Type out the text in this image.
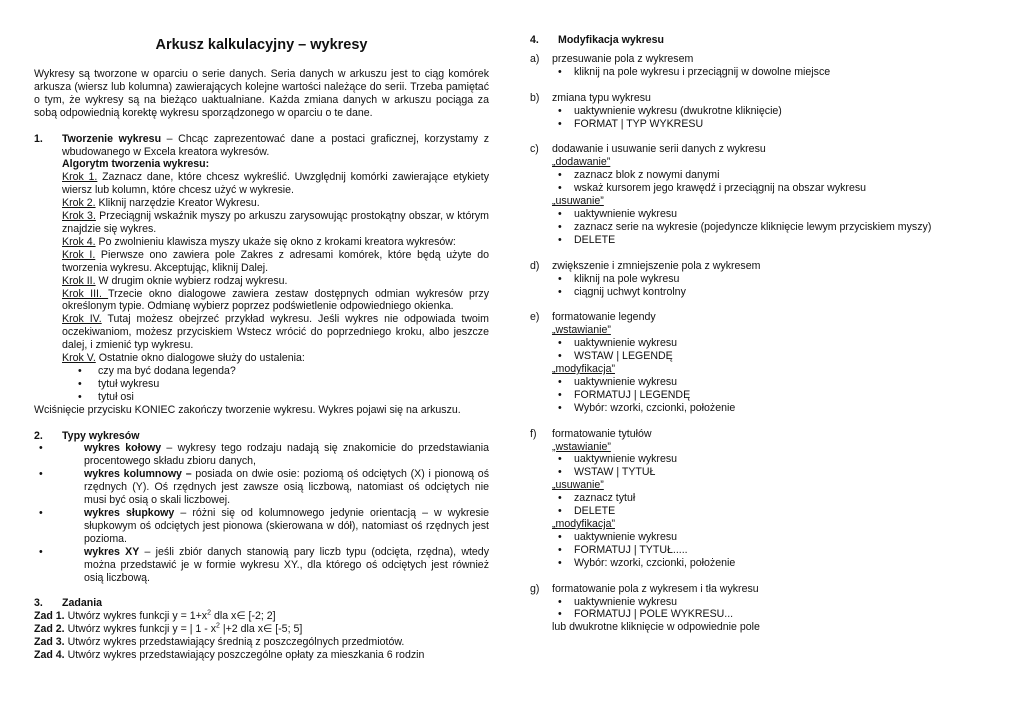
Arkusz kalkulacyjny – wykresy

Wykresy są tworzone w oparciu o serie danych. Seria danych w arkuszu jest to ciąg komórek arkusza (wiersz lub kolumna) zawierających kolejne wartości należące do serii. Trzeba pamiętać o tym, że wykresy są na bieżąco uaktualniane. Każda zmiana danych w arkuszu pociąga za sobą odpowiednią korektę wykresu sporządzonego w oparciu o te dane.

1.	Tworzenie wykresu – Chcąc zaprezentować dane a postaci graficznej, korzystamy z wbudowanego w Excela kreatora wykresów.

Algorytm tworzenia wykresu:

Krok 1. Zaznacz dane, które chcesz wykreślić. Uwzględnij komórki zawierające etykiety wiersz lub kolumn, które chcesz użyć w wykresie.

Krok 2. Kliknij narzędzie Kreator Wykresu.

Krok 3. Przeciągnij wskaźnik myszy po arkuszu zarysowując prostokątny obszar, w którym znajdzie się wykres.

Krok 4. Po zwolnieniu klawisza myszy ukaże się okno z krokami kreatora wykresów:

Krok I. Pierwsze ono zawiera pole Zakres z adresami komórek, które będą użyte do tworzenia wykresu. Akceptując, kliknij Dalej.

Krok II. W drugim oknie wybierz rodzaj wykresu.

Krok III. Trzecie okno dialogowe zawiera zestaw dostępnych odmian wykresów przy określonym typie. Odmianę wybierz poprzez podświetlenie odpowiedniego okienka.

Krok IV. Tutaj możesz obejrzeć przykład wykresu. Jeśli wykres nie odpowiada twoim oczekiwaniom, możesz przyciskiem Wstecz wrócić do poprzedniego kroku, albo jeszcze dalej, i zmienić typ wykresu.

Krok V. Ostatnie okno dialogowe służy do ustalenia:

• czy ma być dodana legenda?
• tytuł wykresu
• tytuł osi

Wciśnięcie przycisku KONIEC zakończy tworzenie wykresu. Wykres pojawi się na arkuszu.

2.	Typy wykresów
• wykres kołowy – wykresy tego rodzaju nadają się znakomicie do przedstawiania procentowego składu zbioru danych,
• wykres kolumnowy – posiada on dwie osie: poziomą oś odciętych (X) i pionową oś rzędnych (Y). Oś rzędnych jest zawsze osią liczbową, natomiast oś odciętych nie musi być osią o skali liczbowej.
• wykres słupkowy – różni się od kolumnowego jedynie orientacją – w wykresie słupkowym oś odciętych jest pionowa (skierowana w dół), natomiast oś rzędnych jest pozioma.
• wykres XY – jeśli zbiór danych stanowią pary liczb typu (odcięta, rzędna), wtedy można przedstawić je w formie wykresu XY., dla którego oś odciętych jest również osią liczbową.
3.	Zadania

Zad 1. Utwórz wykres funkcji $y = 1+x^2$ dla x∈ [-2; 2]

Zad 2. Utwórz wykres funkcji y = | $1 - x^2$ |+2 dla x∈ [-5; 5]

Zad 3. Utwórz wykres przedstawiający średnią z poszczególnych przedmiotów.

Zad 4. Utwórz wykres przedstawiający poszczególne opłaty za mieszkania 6 rodzin

4.	Modyfikacja wykresu
a)	przesuwanie pola z wykresem
• kliknij na pole wykresu i przeciągnij w dowolne miejsce
b)	zmiana typu wykresu
• uaktywnienie wykresu (dwukrotne kliknięcie)
• FORMAT | TYP WYKRESU
c)	dodawanie i usuwanie serii danych z wykresu
„dodawanie”
• zaznacz blok z nowymi danymi
• wskaż kursorem jego krawędź i przeciągnij na obszar wykresu
„usuwanie”
• uaktywnienie wykresu
• zaznacz serie na wykresie (pojedyncze kliknięcie lewym przyciskiem myszy)
• DELETE
d)	zwiększenie i zmniejszenie pola z wykresem
• kliknij na pole wykresu
• ciągnij uchwyt kontrolny
e)	formatowanie legendy
„wstawianie”
• uaktywnienie wykresu
• WSTAW | LEGENDĘ
„modyfikacja”
• uaktywnienie wykresu
• FORMATUJ | LEGENDĘ
• Wybór: wzorki, czcionki, położenie
f)	formatowanie tytułów
„wstawianie”
• uaktywnienie wykresu
• WSTAW | TYTUŁ
„usuwanie”
• zaznacz tytuł
• DELETE
„modyfikacja”
• uaktywnienie wykresu
• FORMATUJ | TYTUŁ.....
• Wybór: wzorki, czcionki, położenie
g)	formatowanie pola z wykresem i tła wykresu
• uaktywnienie wykresu
• FORMATUJ | POLE WYKRESU...
lub dwukrotne kliknięcie w odpowiednie pole
